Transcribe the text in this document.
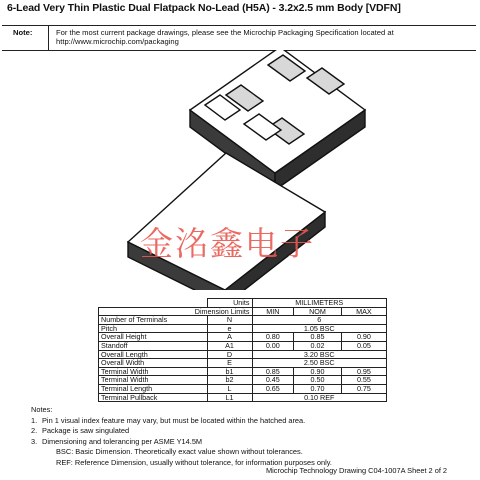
6-Lead Very Thin Plastic Dual Flatpack No-Lead (H5A) - 3.2x2.5 mm Body [VDFN]
Note:	For the most current package drawings, please see the Microchip Packaging Specification located at
http://www.microchip.com/packaging
金洺鑫电子
	Units	MILLIMETERS		
Dimension Limits		MIN	NOM	MAX
Number of Terminals	N	6		
Pitch	e	1.05 BSC		
Overall Height	A	0.80	0.85	0.90
Standoff	A1	0.00	0.02	0.05
Overall Length	D	3.20 BSC		
Overall Width	E	2.50 BSC		
Terminal Width	b1	0.85	0.90	0.95
Terminal Width	b2	0.45	0.50	0.55
Terminal Length	L	0.65	0.70	0.75
Terminal Pullback	L1	0.10 REF		
Notes:
1. Pin 1 visual index feature may vary, but must be located within the hatched area.
2. Package is saw singulated
3. Dimensioning and tolerancing per ASME Y14.5M
BSC: Basic Dimension. Theoretically exact value shown without tolerances.
REF: Reference Dimension, usually without tolerance, for information purposes only.
Microchip Technology Drawing C04-1007A Sheet 2 of 2
